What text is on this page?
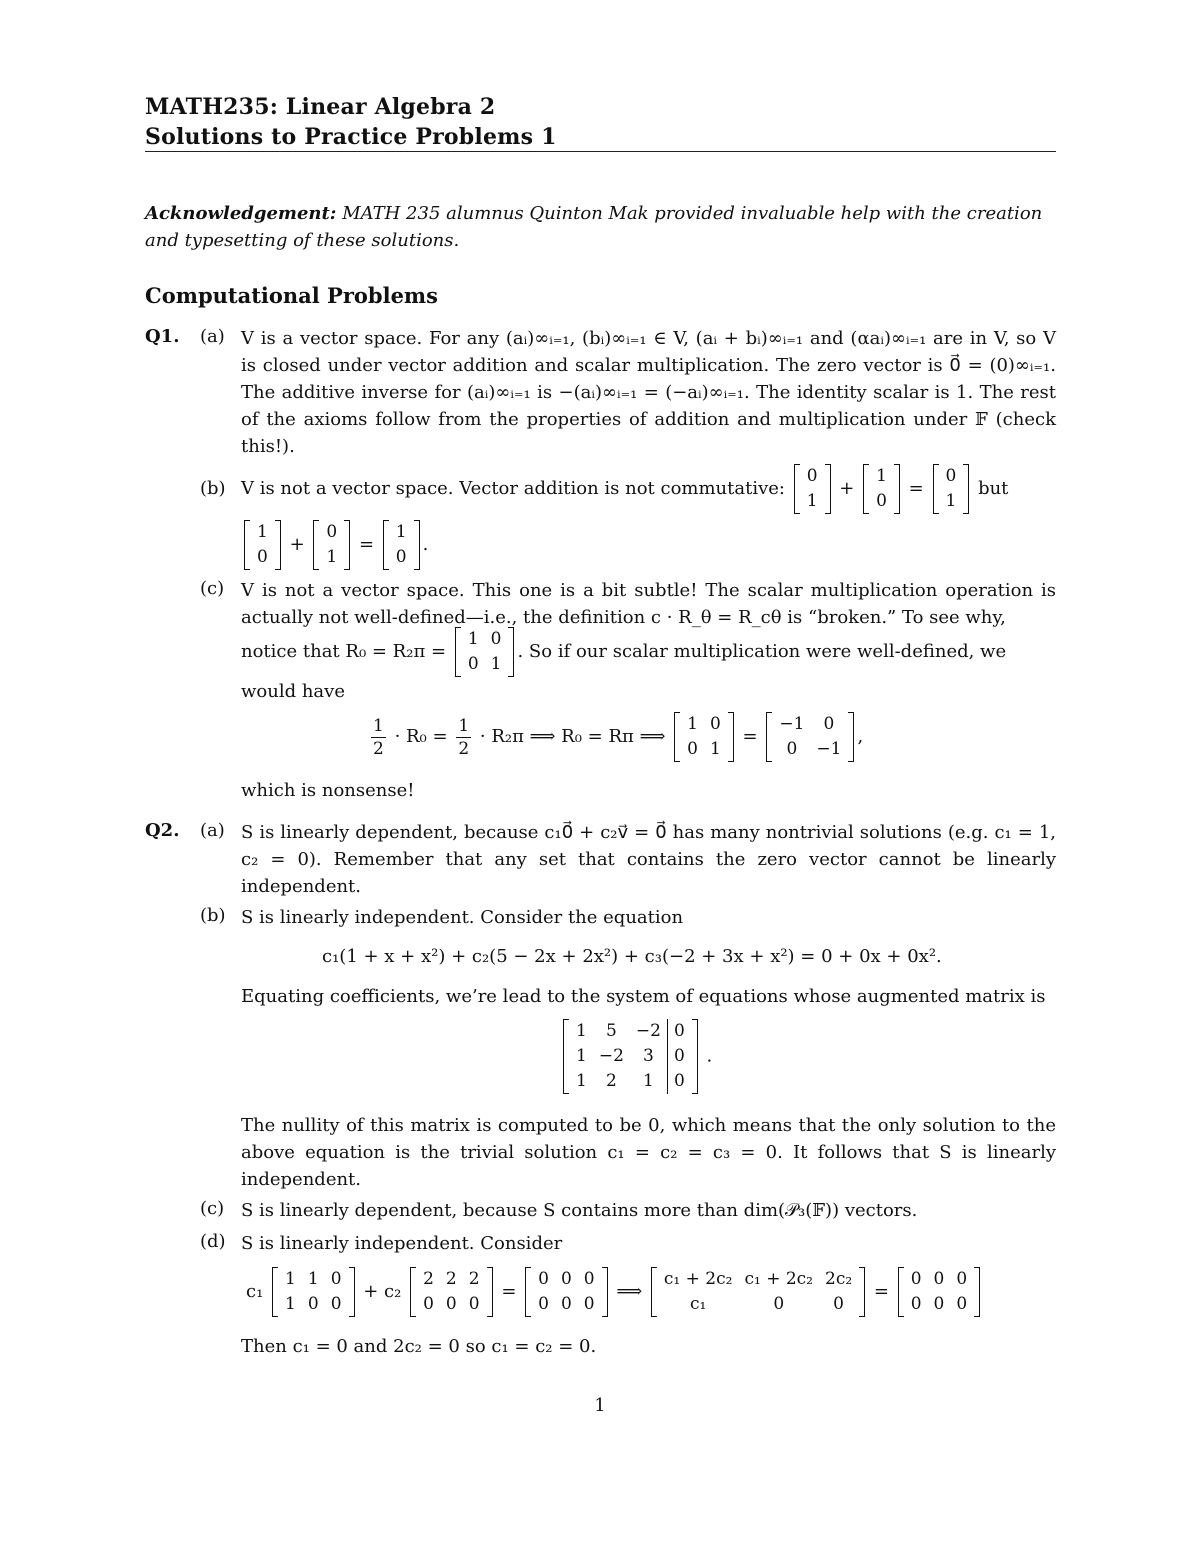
MATH235: Linear Algebra 2
Solutions to Practice Problems 1
Acknowledgement: MATH 235 alumnus Quinton Mak provided invaluable help with the creation and typesetting of these solutions.
Computational Problems
Q1. (a) V is a vector space. For any (aᵢ)∞ᵢ₌₁, (bᵢ)∞ᵢ₌₁ ∈ V, (aᵢ + bᵢ)∞ᵢ₌₁ and (αaᵢ)∞ᵢ₌₁ are in V, so V is closed under vector addition and scalar multiplication. The zero vector is 0⃗ = (0)∞ᵢ₌₁. The additive inverse for (aᵢ)∞ᵢ₌₁ is −(aᵢ)∞ᵢ₌₁ = (−aᵢ)∞ᵢ₌₁. The identity scalar is 1. The rest of the axioms follow from the properties of addition and multiplication under 𝔽 (check this!).
(b) V is not a vector space. Vector addition is not commutative:
0
1
+
1
0
=
0
1
but
1
0
+
0
1
=
1
0
.
(c) V is not a vector space. This one is a bit subtle! The scalar multiplication operation is actually not well-defined—i.e., the definition c · R_θ = R_cθ is “broken.” To see why,
notice that R₀ = R₂π =
1	0
0	1
. So if our scalar multiplication were well-defined, we
would have
$\frac{1}{2} \cdot R_0 = \frac{1}{2} \cdot R_2\pi$ ⟹ R₀ = Rπ ⟹
1	0
0	1
=
−1	0
0	−1
,
which is nonsense!
Q2. (a) S is linearly dependent, because c₁0⃗ + c₂v⃗ = 0⃗ has many nontrivial solutions (e.g. c₁ = 1, c₂ = 0). Remember that any set that contains the zero vector cannot be linearly independent.
(b) S is linearly independent. Consider the equation
c₁(1 + x + x²) + c₂(5 − 2x + 2x²) + c₃(−2 + 3x + x²) = 0 + 0x + 0x².
Equating coefficients, we’re lead to the system of equations whose augmented matrix is
1	5	−2	0
1	−2	3	0
1	2	1	0
.
The nullity of this matrix is computed to be 0, which means that the only solution to the above equation is the trivial solution c₁ = c₂ = c₃ = 0. It follows that S is linearly independent.
(c) S is linearly dependent, because S contains more than dim(𝒫₃(𝔽)) vectors.
(d) S is linearly independent. Consider
c₁
1	1	0
1	0	0
+ c₂
2	2	2
0	0	0
=
0	0	0
0	0	0
⟹
c₁ + 2c₂	c₁ + 2c₂	2c₂
c₁	0	0
=
0	0	0
0	0	0
Then c₁ = 0 and 2c₂ = 0 so c₁ = c₂ = 0.
1
